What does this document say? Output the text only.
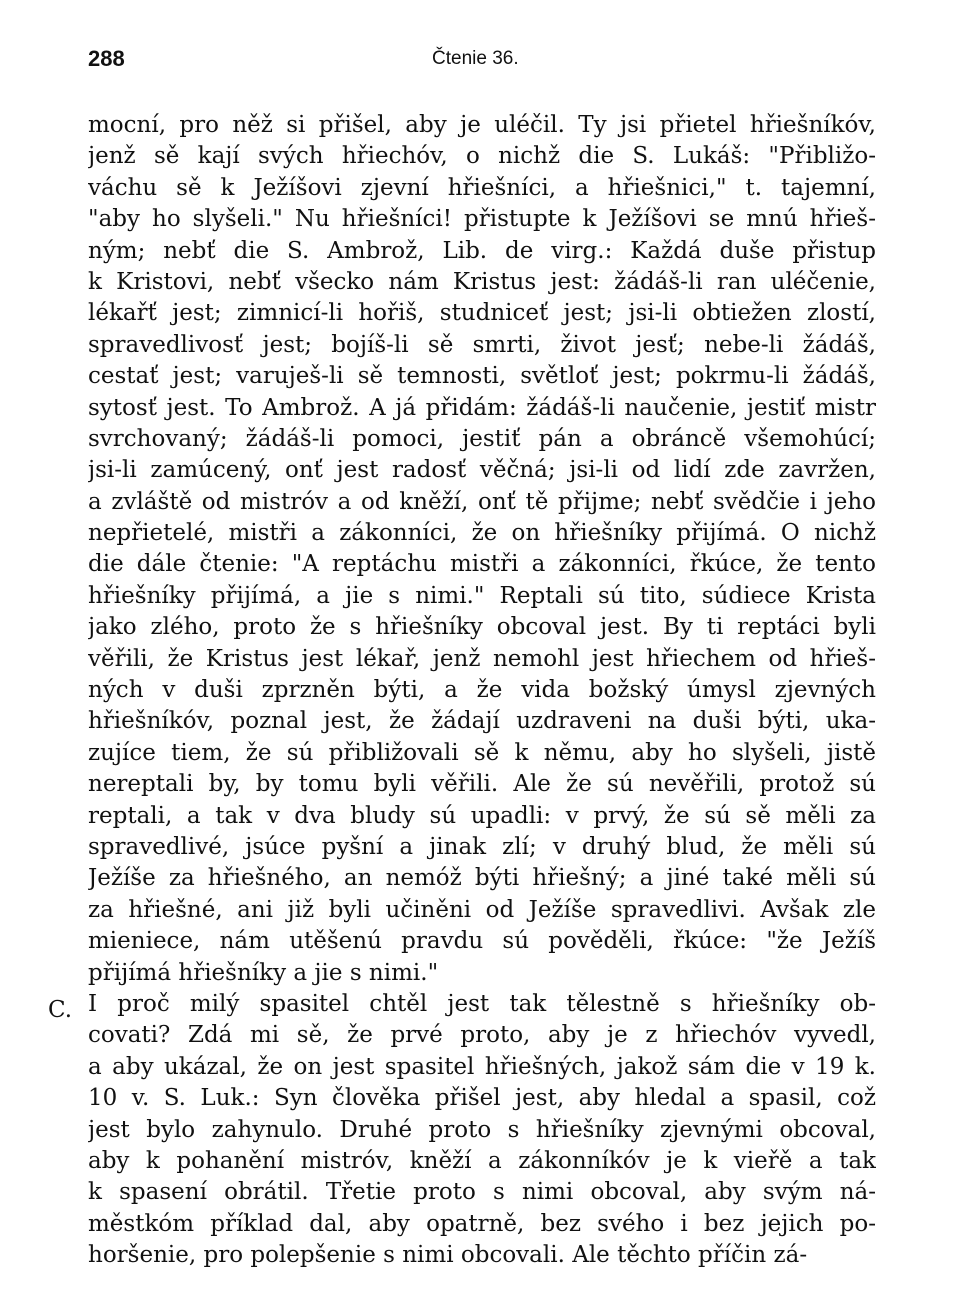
288	Čtenie 36.
C.
mocní, pro něž si přišel, aby je uléčil. Ty jsi přietel hřiešníkóv,
jenž sě kají svých hřiechóv, o nichž die S. Lukáš: "Přibližo-
váchu sě k Ježíšovi zjevní hřiešníci, a hřiešnici," t. tajemní,
"aby ho slyšeli." Nu hřiešníci! přistupte k Ježíšovi se mnú hřieš-
ným; nebť die S. Ambrož, Lib. de virg.: Každá duše přistup
k Kristovi, nebť všecko nám Kristus jest: žádáš-li ran uléčenie,
lékařť jest; zimnicí-li hořiš, studniceť jest; jsi-li obtiežen zlostí,
spravedlivosť jest; bojíš-li sě smrti, život jesť; nebe-li žádáš,
cestať jest; varuješ-li sě temnosti, světloť jest; pokrmu-li žádáš,
sytosť jest. To Ambrož. A já přidám: žádáš-li naučenie, jestiť mistr
svrchovaný; žádáš-li pomoci, jestiť pán a obráncě všemohúcí;
jsi-li zamúcený, onť jest radosť věčná; jsi-li od lidí zde zavržen,
a zvláště od mistróv a od kněží, onť tě přijme; nebť svědčie i jeho
nepřietelé, mistři a zákonníci, že on hřiešníky přijímá. O nichž
die dále čtenie: "A reptáchu mistři a zákonníci, řkúce, že tento
hřiešníky přijímá, a jie s nimi." Reptali sú tito, súdiece Krista
jako zlého, proto že s hřiešníky obcoval jest. By ti reptáci byli
věřili, že Kristus jest lékař, jenž nemohl jest hřiechem od hřieš-
ných v duši zprzněn býti, a že vida božský úmysl zjevných
hřiešníkóv, poznal jest, že žádají uzdraveni na duši býti, uka-
zujíce tiem, že sú přibližovali sě k němu, aby ho slyšeli, jistě
nereptali by, by tomu byli věřili. Ale že sú nevěřili, protož sú
reptali, a tak v dva bludy sú upadli: v prvý, že sú sě měli za
spravedlivé, jsúce pyšní a jinak zlí; v druhý blud, že měli sú
Ježíše za hřiešného, an nemóž býti hřiešný; a jiné také měli sú
za hřiešné, ani již byli učiněni od Ježíše spravedlivi. Avšak zle
mieniece, nám utěšenú pravdu sú pověděli, řkúce: "že Ježíš
přijímá hřiešníky a jie s nimi."
I proč milý spasitel chtěl jest tak tělestně s hřiešníky ob-
covati? Zdá mi sě, že prvé proto, aby je z hřiechóv vyvedl,
a aby ukázal, že on jest spasitel hřiešných, jakož sám die v 19 k.
10 v. S. Luk.: Syn člověka přišel jest, aby hledal a spasil, což
jest bylo zahynulo. Druhé proto s hřiešníky zjevnými obcoval,
aby k pohanění mistróv, kněží a zákonníkóv je k vieřě a tak
k spasení obrátil. Třetie proto s nimi obcoval, aby svým ná-
městkóm příklad dal, aby opatrně, bez svého i bez jejich po-
horšenie, pro polepšenie s nimi obcovali. Ale těchto příčin zá-
